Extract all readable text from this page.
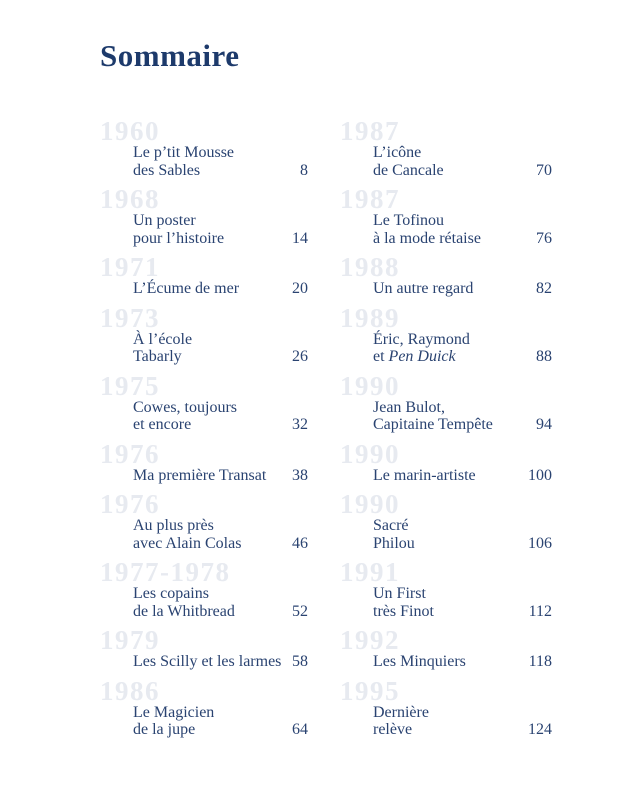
Sommaire
1960
Le p’tit Mousse
des Sables	8
1968
Un poster
pour l’histoire	14
1971
L’Écume de mer	20
1973
À l’école
Tabarly	26
1975
Cowes, toujours
et encore	32
1976
Ma première Transat 38
1976
Au plus près
avec Alain Colas	46
1977-1978
Les copains
de la Whitbread	52
1979
Les Scilly et les larmes 58
1986
Le Magicien
de la jupe	64
1987
L’icône
de Cancale	70
1987
Le Tofinou
à la mode rétaise	76
1988
Un autre regard	82
1989
Éric, Raymond
et Pen Duick	88
1990
Jean Bulot,
Capitaine Tempête	94
1990
Le marin-artiste	100
1990
Sacré
Philou	106
1991
Un First
très Finot	112
1992
Les Minquiers	118
1995
Dernière
relève	124
